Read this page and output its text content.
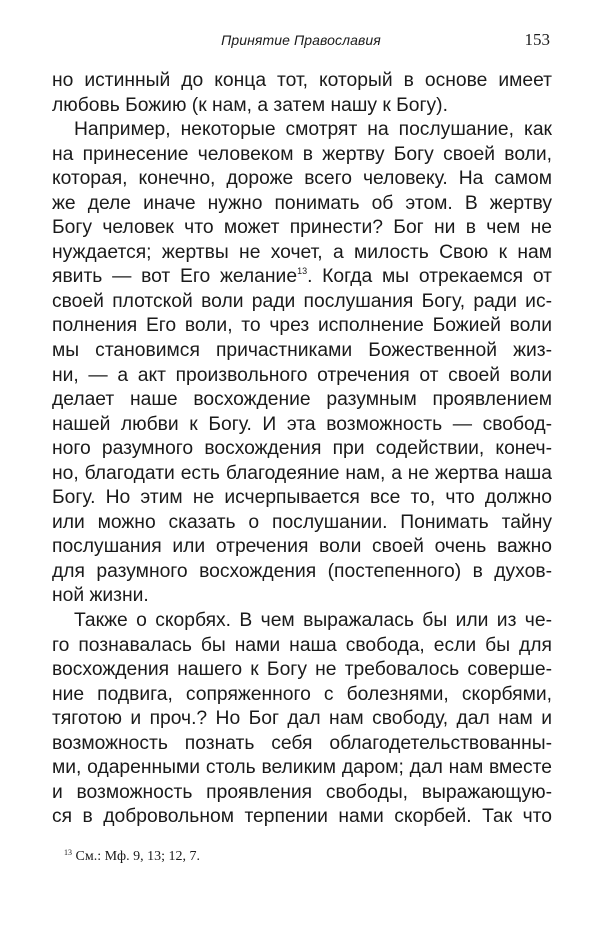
Принятие Православия	153
но истинный до конца тот, который в основе имеет
любовь Божию (к нам, а затем нашу к Богу).
Например, некоторые смотрят на послушание, как
на принесение человеком в жертву Богу своей воли,
которая, конечно, дороже всего человеку. На самом
же деле иначе нужно понимать об этом. В жертву
Богу человек что может принести? Бог ни в чем не
нуждается; жертвы не хочет, а милость Свою к нам
явить — вот Его желание$^{13}$. Когда мы отрекаемся от
своей плотской воли ради послушания Богу, ради ис-
полнения Его воли, то чрез исполнение Божией воли
мы становимся причастниками Божественной жиз-
ни, — а акт произвольного отречения от своей воли
делает наше восхождение разумным проявлением
нашей любви к Богу. И эта возможность — свобод-
ного разумного восхождения при содействии, конеч-
но, благодати есть благодеяние нам, а не жертва наша
Богу. Но этим не исчерпывается все то, что должно
или можно сказать о послушании. Понимать тайну
послушания или отречения воли своей очень важно
для разумного восхождения (постепенного) в духов-
ной жизни.
Также о скорбях. В чем выражалась бы или из че-
го познавалась бы нами наша свобода, если бы для
восхождения нашего к Богу не требовалось соверше-
ние подвига, сопряженного с болезнями, скорбями,
тяготою и проч.? Но Бог дал нам свободу, дал нам и
возможность познать себя облагодетельствованны-
ми, одаренными столь великим даром; дал нам вместе
и возможность проявления свободы, выражающую-
ся в добровольном терпении нами скорбей. Так что
$^{13}$ См.: Мф. 9, 13; 12, 7.
